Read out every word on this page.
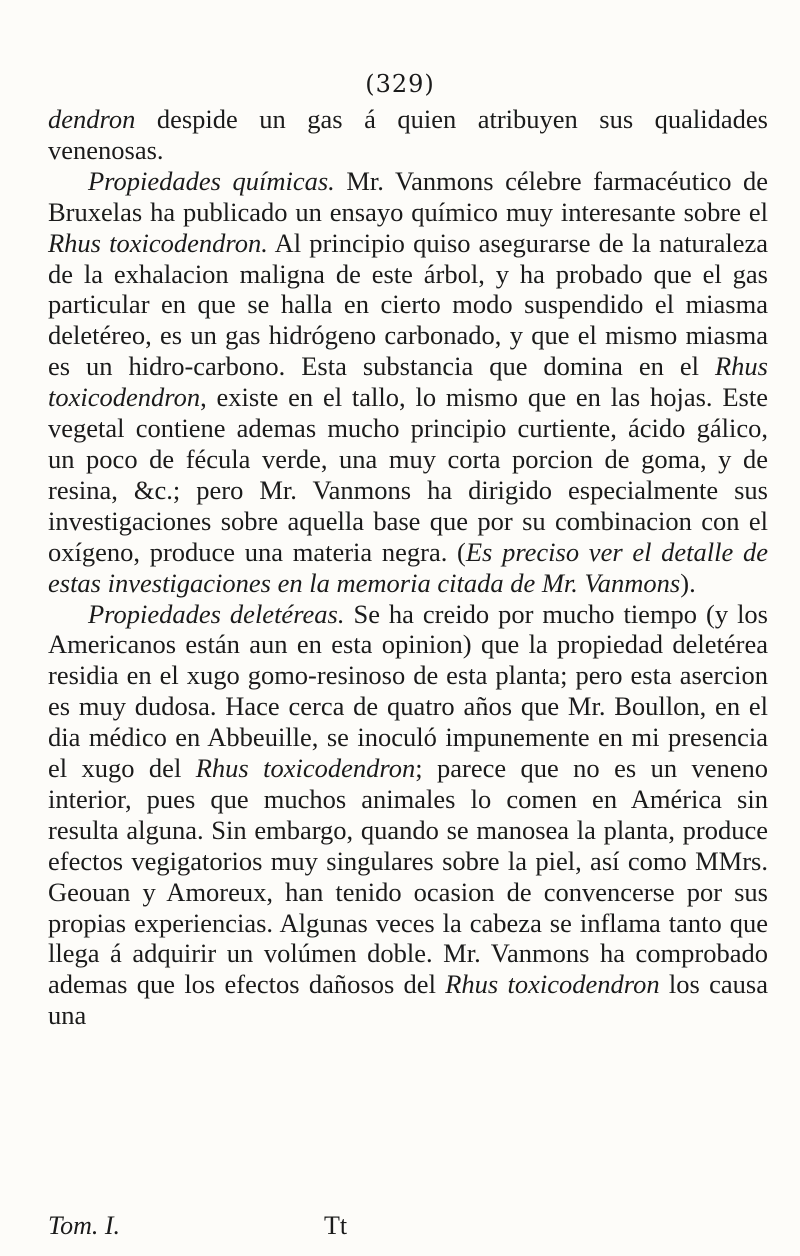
(329)

dendron despide un gas á quien atribuyen sus qualidades venenosas.

Propiedades químicas. Mr. Vanmons célebre farmacéutico de Bruxelas ha publicado un ensayo químico muy interesante sobre el Rhus toxicodendron. Al principio quiso asegurarse de la naturaleza de la exhalacion maligna de este árbol, y ha probado que el gas particular en que se halla en cierto modo suspendido el miasma deletéreo, es un gas hidrógeno carbonado, y que el mismo miasma es un hidro-carbono. Esta substancia que domina en el Rhus toxicodendron, existe en el tallo, lo mismo que en las hojas. Este vegetal contiene ademas mucho principio curtiente, ácido gálico, un poco de fécula verde, una muy corta porcion de goma, y de resina, &c.; pero Mr. Vanmons ha dirigido especialmente sus investigaciones sobre aquella base que por su combinacion con el oxígeno, produce una materia negra. (Es preciso ver el detalle de estas investigaciones en la memoria citada de Mr. Vanmons).

Propiedades deletéreas. Se ha creido por mucho tiempo (y los Americanos están aun en esta opinion) que la propiedad deletérea residia en el xugo gomo-resinoso de esta planta; pero esta asercion es muy dudosa. Hace cerca de quatro años que Mr. Boullon, en el dia médico en Abbeuille, se inoculó impunemente en mi presencia el xugo del Rhus toxicodendron; parece que no es un veneno interior, pues que muchos animales lo comen en América sin resulta alguna. Sin embargo, quando se manosea la planta, produce efectos vegigatorios muy singulares sobre la piel, así como MMrs. Geouan y Amoreux, han tenido ocasion de convencerse por sus propias experiencias. Algunas veces la cabeza se inflama tanto que llega á adquirir un volúmen doble. Mr. Vanmons ha comprobado ademas que los efectos dañosos del Rhus toxicodendron los causa una

Tom. I.	Tt
